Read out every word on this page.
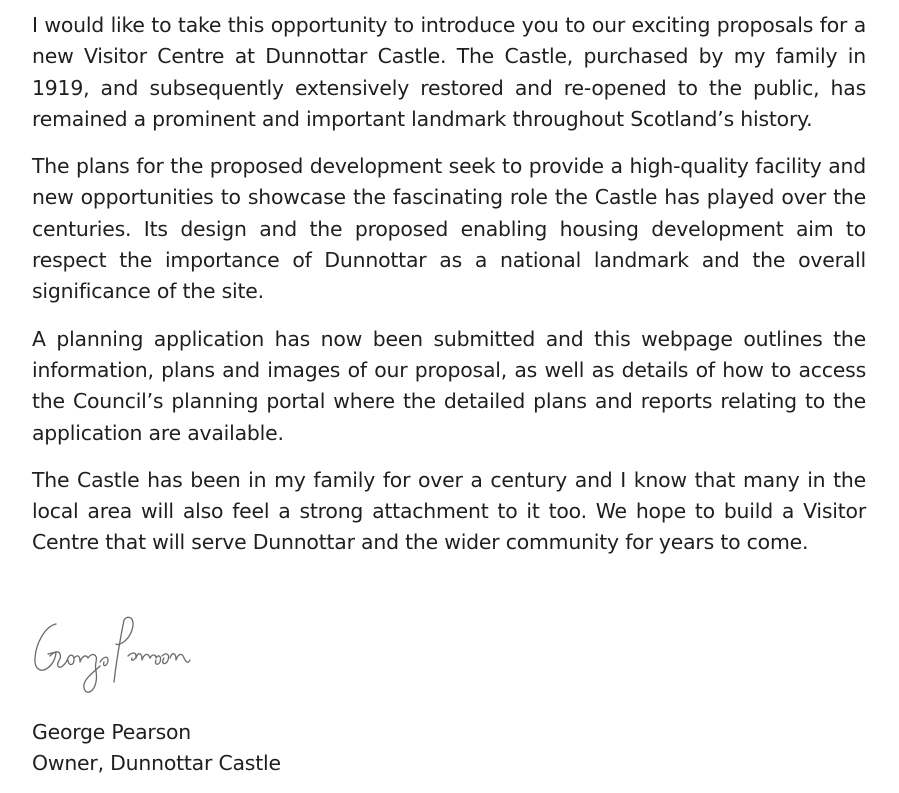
I would like to take this opportunity to introduce you to our exciting proposals for a new Visitor Centre at Dunnottar Castle. The Castle, purchased by my family in 1919, and subsequently extensively restored and re-opened to the public, has remained a prominent and important landmark throughout Scotland’s history.

The plans for the proposed development seek to provide a high-quality facility and new opportunities to showcase the fascinating role the Castle has played over the centuries. Its design and the proposed enabling housing development aim to respect the importance of Dunnottar as a national landmark and the overall significance of the site.

A planning application has now been submitted and this webpage outlines the information, plans and images of our proposal, as well as details of how to access the Council’s planning portal where the detailed plans and reports relating to the application are available.

The Castle has been in my family for over a century and I know that many in the local area will also feel a strong attachment to it too. We hope to build a Visitor Centre that will serve Dunnottar and the wider community for years to come.

George Pearson
Owner, Dunnottar Castle
